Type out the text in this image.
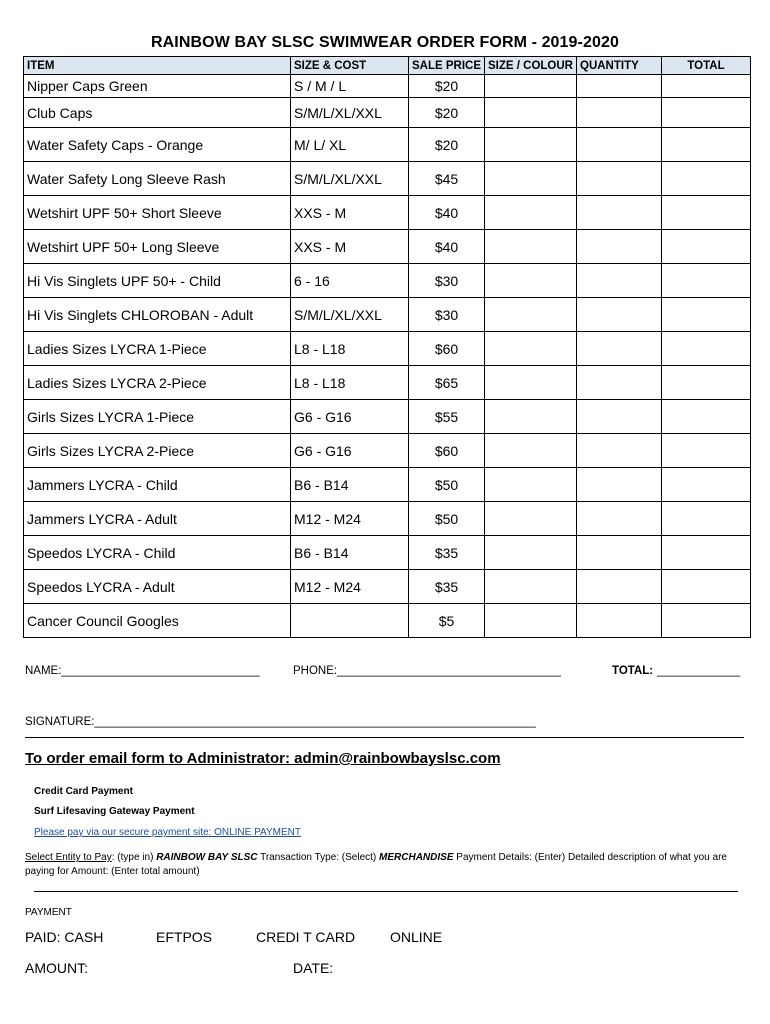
RAINBOW BAY SLSC SWIMWEAR ORDER FORM - 2019-2020
ITEM	SIZE & COST	SALE PRICE	SIZE / COLOUR	QUANTITY	TOTAL
Nipper Caps Green	S / M / L	$20			
Club Caps	S/M/L/XL/XXL	$20			
Water Safety Caps - Orange	M/ L/ XL	$20			
Water Safety Long Sleeve Rash	S/M/L/XL/XXL	$45			
Wetshirt UPF 50+ Short Sleeve	XXS - M	$40			
Wetshirt UPF 50+ Long Sleeve	XXS - M	$40			
Hi Vis Singlets UPF 50+ - Child	6 - 16	$30			
Hi Vis Singlets CHLOROBAN - Adult	S/M/L/XL/XXL	$30			
Ladies Sizes LYCRA 1-Piece	L8 - L18	$60			
Ladies Sizes LYCRA 2-Piece	L8 - L18	$65			
Girls Sizes LYCRA 1-Piece	G6 - G16	$55			
Girls Sizes LYCRA 2-Piece	G6 - G16	$60			
Jammers LYCRA - Child	B6 - B14	$50			
Jammers LYCRA - Adult	M12 - M24	$50			
Speedos LYCRA - Child	B6 - B14	$35			
Speedos LYCRA - Adult	M12 - M24	$35			
Cancer Council Googles		$5			
NAME:_______________________________	PHONE:___________________________________	TOTAL: _____________
SIGNATURE:_____________________________________________________________________
To order email form to Administrator: admin@rainbowbayslsc.com
Credit Card Payment
Surf Lifesaving Gateway Payment
Please pay via our secure payment site: ONLINE PAYMENT
Select Entity to Pay: (type in) RAINBOW BAY SLSC Transaction Type: (Select) MERCHANDISE Payment Details: (Enter) Detailed description of what you are
paying for Amount: (Enter total amount)
PAYMENT
PAID: CASH	EFTPOS	CREDI T CARD ONLINE
AMOUNT:	DATE:
